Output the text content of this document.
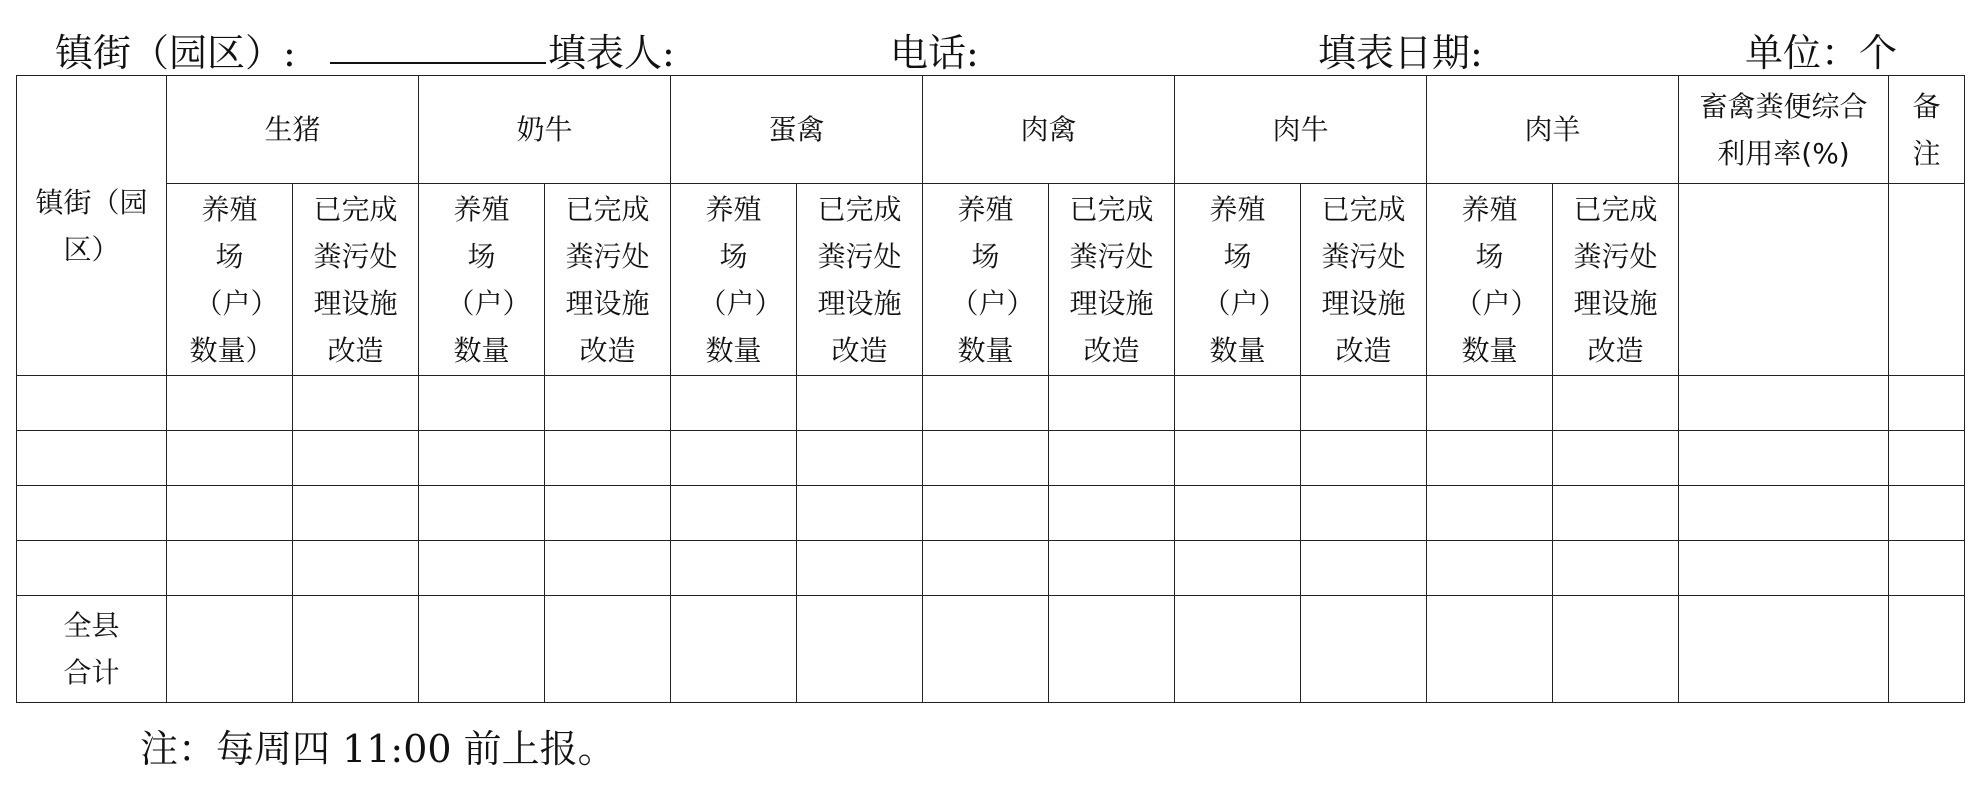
镇街（园区）:	填表人:	电话:	填表日期:	单位：个
镇街（园区）	生猪		奶牛		蛋禽		肉禽		肉牛		肉羊		畜禽粪便综合利用率(%)	备注
	养殖场（户）数量）	已完成粪污处理设施改造	养殖场（户）数量	已完成粪污处理设施改造	养殖场（户）数量	已完成粪污处理设施改造	养殖场（户）数量	已完成粪污处理设施改造	养殖场（户）数量	已完成粪污处理设施改造	养殖场（户）数量	已完成粪污处理设施改造		

全县合计														
注：每周四 11:00 前上报。
